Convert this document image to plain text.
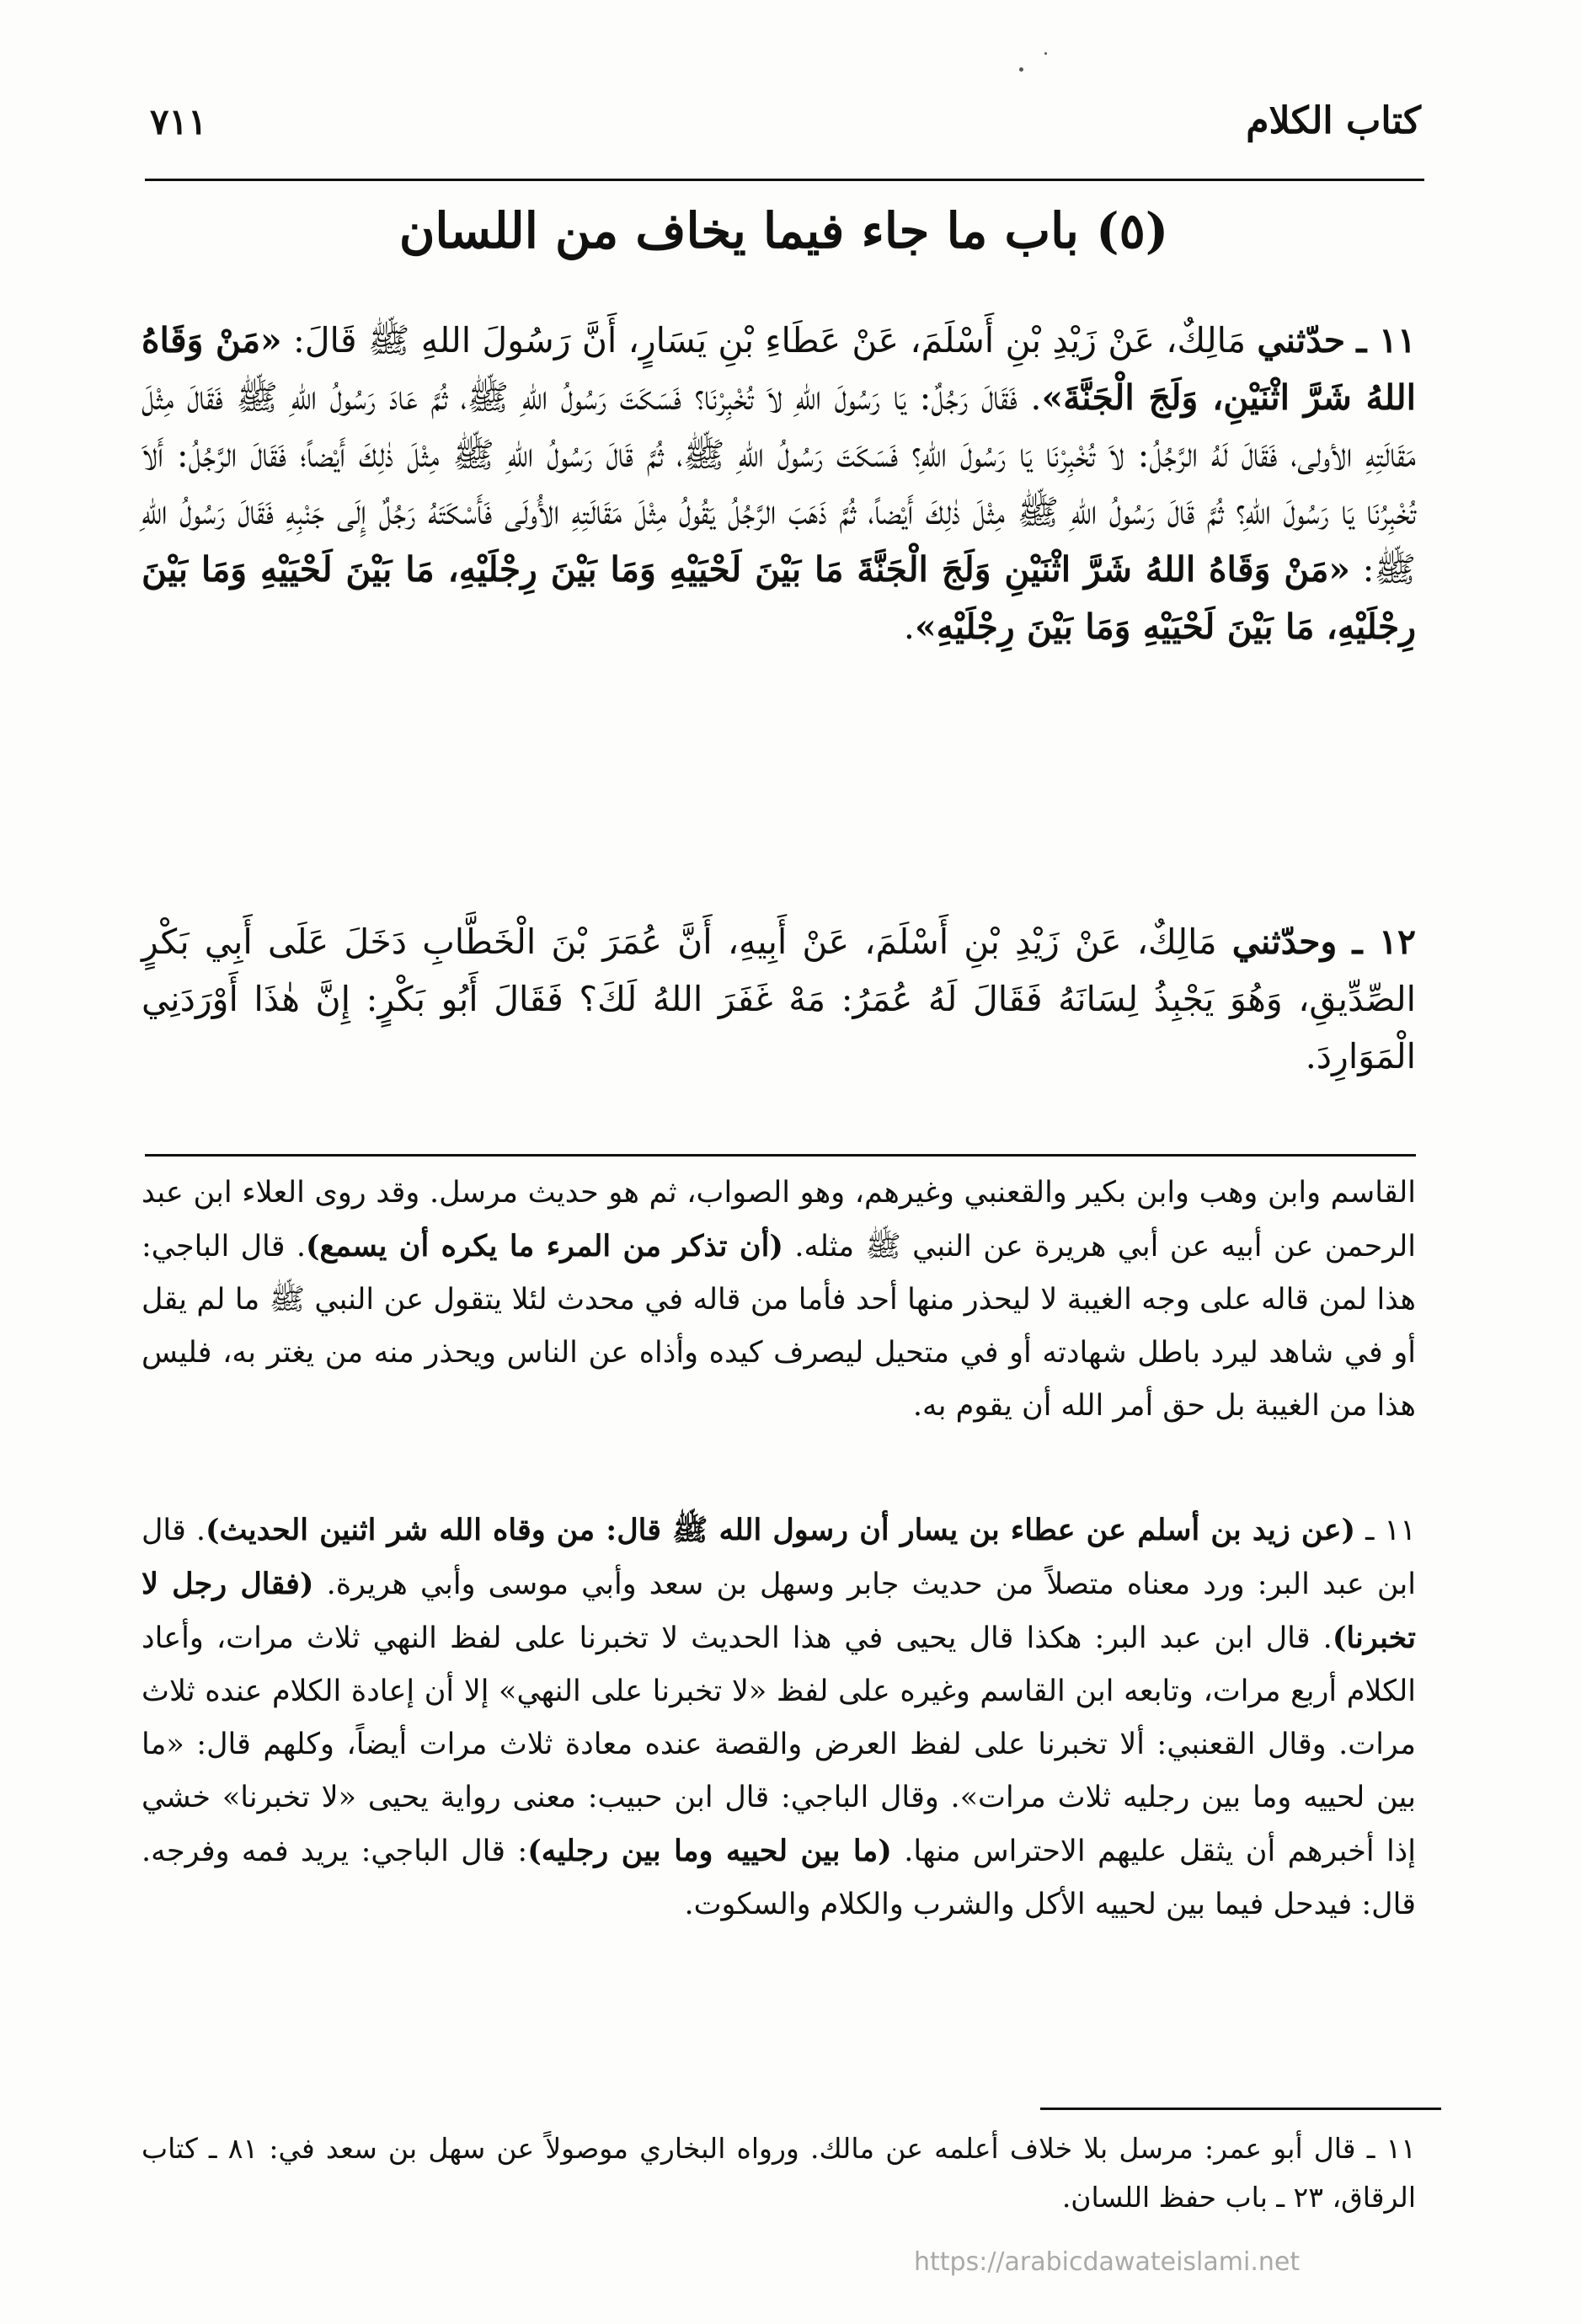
كتاب الكلام
٧١١
(٥) باب ما جاء فيما يخاف من اللسان
١١ ـ حدّثني مَالِكٌ، عَنْ زَيْدِ بْنِ أَسْلَمَ، عَنْ عَطَاءِ بْنِ يَسَارٍ، أَنَّ رَسُولَ اللهِ ﷺ قَالَ: «مَنْ وَقَاهُ اللهُ شَرَّ اثْنَيْنِ، وَلَجَ الْجَنَّةَ». فَقَالَ رَجُلٌ: يَا رَسُولَ اللهِ لاَ تُخْبِرْنَا؟ فَسَكَتَ رَسُولُ اللهِ ﷺ، ثُمَّ عَادَ رَسُولُ اللهِ ﷺ فَقَالَ مِثْلَ مَقَالَتِهِ الأولى، فَقَالَ لَهُ الرَّجُلُ: لاَ تُخْبِرْنَا يَا رَسُولَ اللهِ؟ فَسَكَتَ رَسُولُ اللهِ ﷺ، ثُمَّ قَالَ رَسُولُ اللهِ ﷺ مِثْلَ ذٰلِكَ أَيْضاً؛ فَقَالَ الرَّجُلُ: أَلاَ تُخْبِرُنَا يَا رَسُولَ اللهِ؟ ثُمَّ قَالَ رَسُولُ اللهِ ﷺ مِثْلَ ذٰلِكَ أَيْضاً، ثُمَّ ذَهَبَ الرَّجُلُ يَقُولُ مِثْلَ مَقَالَتِهِ الأُولَى فَأَسْكَتَهُ رَجُلٌ إِلَى جَنْبِهِ فَقَالَ رَسُولُ اللهِ ﷺ: «مَنْ وَقَاهُ اللهُ شَرَّ اثْنَيْنِ وَلَجَ الْجَنَّةَ مَا بَيْنَ لَحْيَيْهِ وَمَا بَيْنَ رِجْلَيْهِ، مَا بَيْنَ لَحْيَيْهِ وَمَا بَيْنَ رِجْلَيْهِ، مَا بَيْنَ لَحْيَيْهِ وَمَا بَيْنَ رِجْلَيْهِ».
١٢ ـ وحدّثني مَالِكٌ، عَنْ زَيْدِ بْنِ أَسْلَمَ، عَنْ أَبِيهِ، أَنَّ عُمَرَ بْنَ الْخَطَّابِ دَخَلَ عَلَى أَبِي بَكْرٍ الصِّدِّيقِ، وَهُوَ يَجْبِذُ لِسَانَهُ فَقَالَ لَهُ عُمَرُ: مَهْ غَفَرَ اللهُ لَكَ؟ فَقَالَ أَبُو بَكْرٍ: إِنَّ هٰذَا أَوْرَدَنِي الْمَوَارِدَ.
القاسم وابن وهب وابن بكير والقعنبي وغيرهم، وهو الصواب، ثم هو حديث مرسل. وقد روى العلاء ابن عبد الرحمن عن أبيه عن أبي هريرة عن النبي ﷺ مثله. (أن تذكر من المرء ما يكره أن يسمع). قال الباجي: هذا لمن قاله على وجه الغيبة لا ليحذر منها أحد فأما من قاله في محدث لئلا يتقول عن النبي ﷺ ما لم يقل أو في شاهد ليرد باطل شهادته أو في متحيل ليصرف كيده وأذاه عن الناس ويحذر منه من يغتر به، فليس هذا من الغيبة بل حق أمر الله أن يقوم به.
١١ ـ (عن زيد بن أسلم عن عطاء بن يسار أن رسول الله ﷺ قال: من وقاه الله شر اثنين الحديث). قال ابن عبد البر: ورد معناه متصلاً من حديث جابر وسهل بن سعد وأبي موسى وأبي هريرة. (فقال رجل لا تخبرنا). قال ابن عبد البر: هكذا قال يحيى في هذا الحديث لا تخبرنا على لفظ النهي ثلاث مرات، وأعاد الكلام أربع مرات، وتابعه ابن القاسم وغيره على لفظ «لا تخبرنا على النهي» إلا أن إعادة الكلام عنده ثلاث مرات. وقال القعنبي: ألا تخبرنا على لفظ العرض والقصة عنده معادة ثلاث مرات أيضاً، وكلهم قال: «ما بين لحييه وما بين رجليه ثلاث مرات». وقال الباجي: قال ابن حبيب: معنى رواية يحيى «لا تخبرنا» خشي إذا أخبرهم أن يثقل عليهم الاحتراس منها. (ما بين لحييه وما بين رجليه): قال الباجي: يريد فمه وفرجه. قال: فيدحل فيما بين لحييه الأكل والشرب والكلام والسكوت.
١١ ـ قال أبو عمر: مرسل بلا خلاف أعلمه عن مالك. ورواه البخاري موصولاً عن سهل بن سعد في: ٨١ ـ كتاب الرقاق، ٢٣ ـ باب حفظ اللسان.
https://arabicdawateislami.net
